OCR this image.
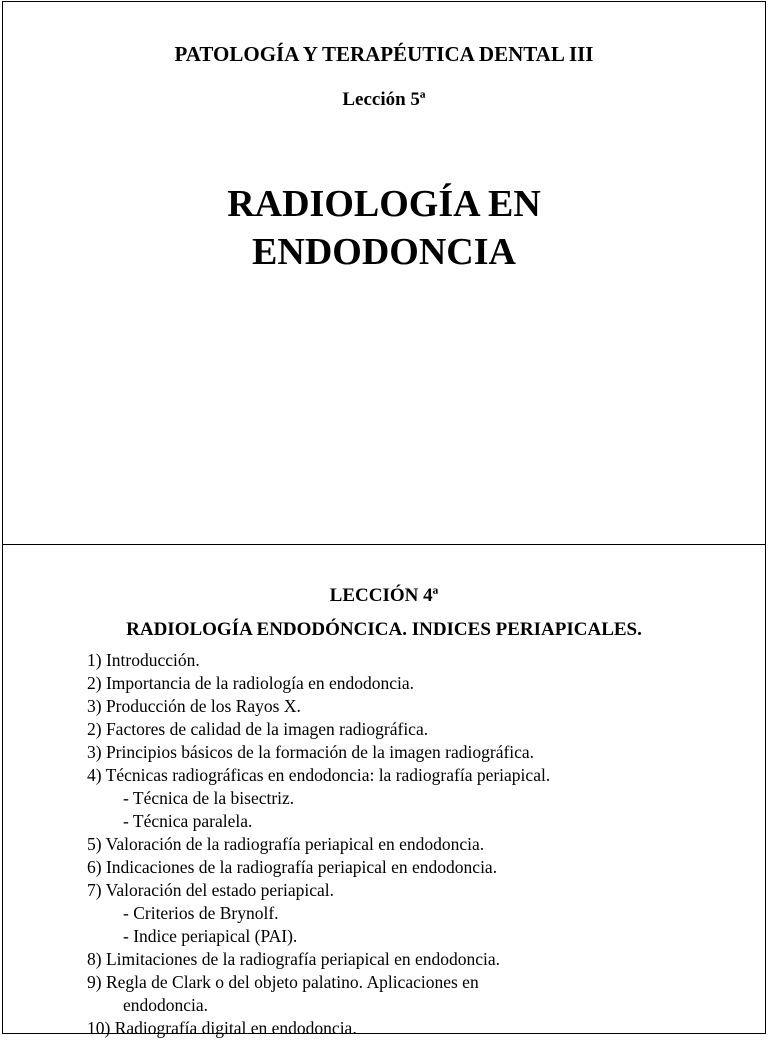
PATOLOGÍA Y TERAPÉUTICA DENTAL III
Lección 5ª
RADIOLOGÍA EN
ENDODONCIA
LECCIÓN 4ª
RADIOLOGÍA ENDODÓNCICA. INDICES PERIAPICALES.
1) Introducción.
2) Importancia de la radiología en endodoncia.
3) Producción de los Rayos X.
2) Factores de calidad de la imagen radiográfica.
3) Principios básicos de la formación de la imagen radiográfica.
4) Técnicas radiográficas en endodoncia: la radiografía periapical.
- Técnica de la bisectriz.
- Técnica paralela.
5) Valoración de la radiografía periapical en endodoncia.
6) Indicaciones de la radiografía periapical en endodoncia.
7) Valoración del estado periapical.
- Criterios de Brynolf.
- Indice periapical (PAI).
8) Limitaciones de la radiografía periapical en endodoncia.
9) Regla de Clark o del objeto palatino. Aplicaciones en
endodoncia.
10) Radiografía digital en endodoncia.
